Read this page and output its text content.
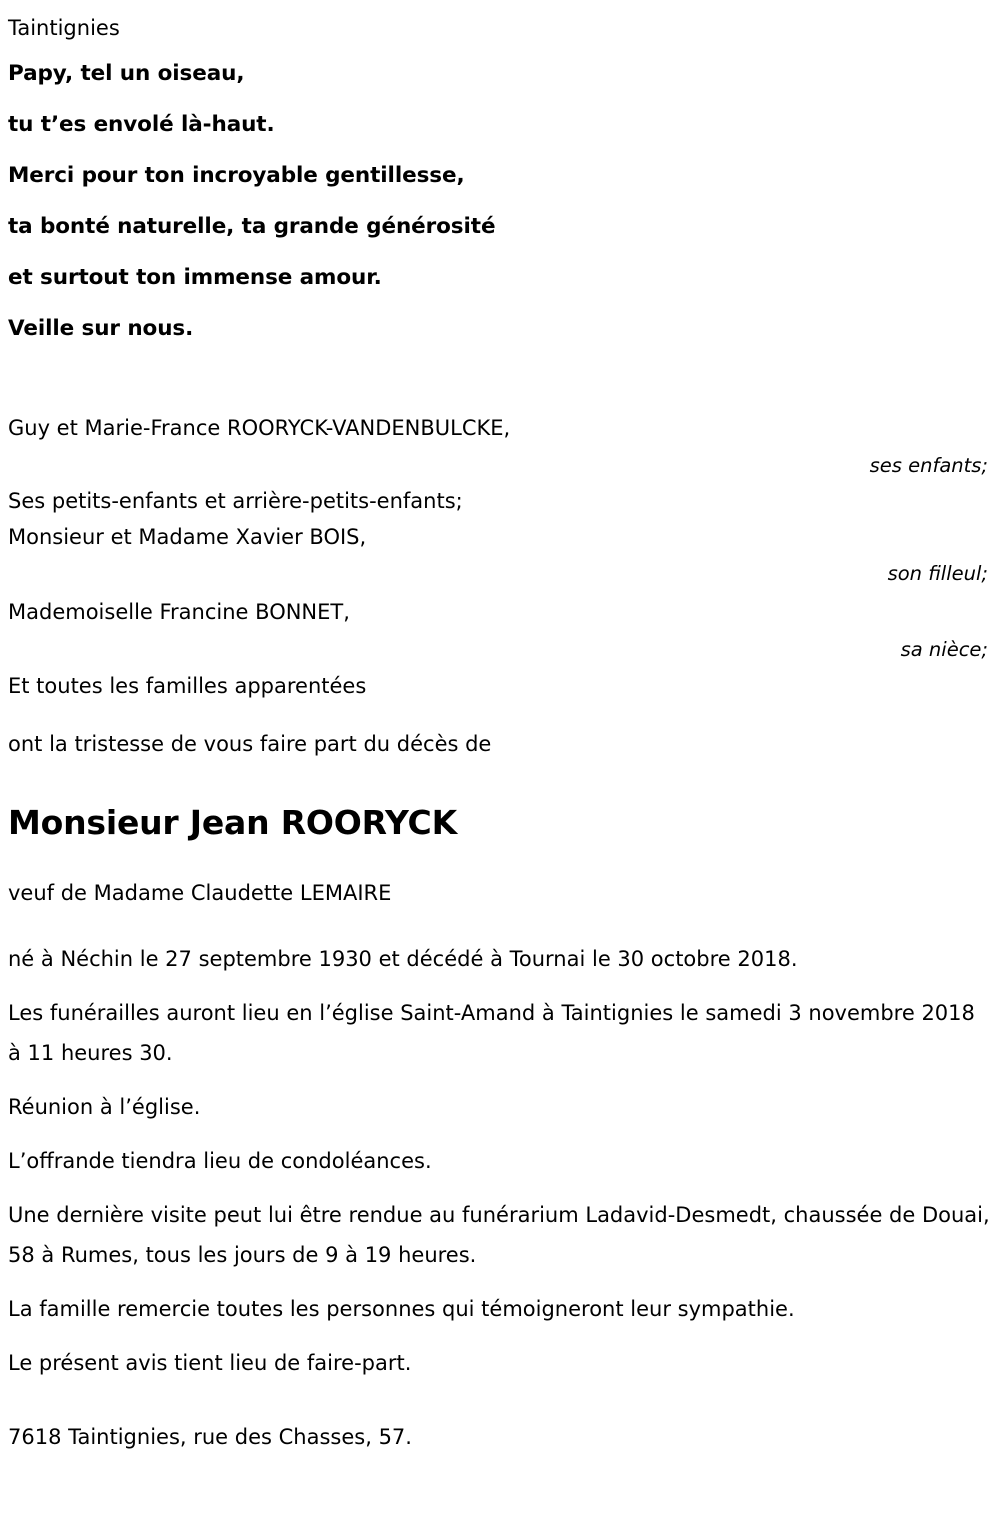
Taintignies
Papy, tel un oiseau,
tu t’es envolé là-haut.
Merci pour ton incroyable gentillesse,
ta bonté naturelle, ta grande générosité
et surtout ton immense amour.
Veille sur nous.
Guy et Marie-France ROORYCK-VANDENBULCKE,
ses enfants;
Ses petits-enfants et arrière-petits-enfants;
Monsieur et Madame Xavier BOIS,
son filleul;
Mademoiselle Francine BONNET,
sa nièce;
Et toutes les familles apparentées
ont la tristesse de vous faire part du décès de
Monsieur Jean ROORYCK
veuf de Madame Claudette LEMAIRE
né à Néchin le 27 septembre 1930 et décédé à Tournai le 30 octobre 2018.
Les funérailles auront lieu en l’église Saint-Amand à Taintignies le samedi 3 novembre 2018 à 11 heures 30.
Réunion à l’église.
L’offrande tiendra lieu de condoléances.
Une dernière visite peut lui être rendue au funérarium Ladavid-Desmedt, chaussée de Douai, 58 à Rumes, tous les jours de 9 à 19 heures.
La famille remercie toutes les personnes qui témoigneront leur sympathie.
Le présent avis tient lieu de faire-part.
7618 Taintignies, rue des Chasses, 57.
